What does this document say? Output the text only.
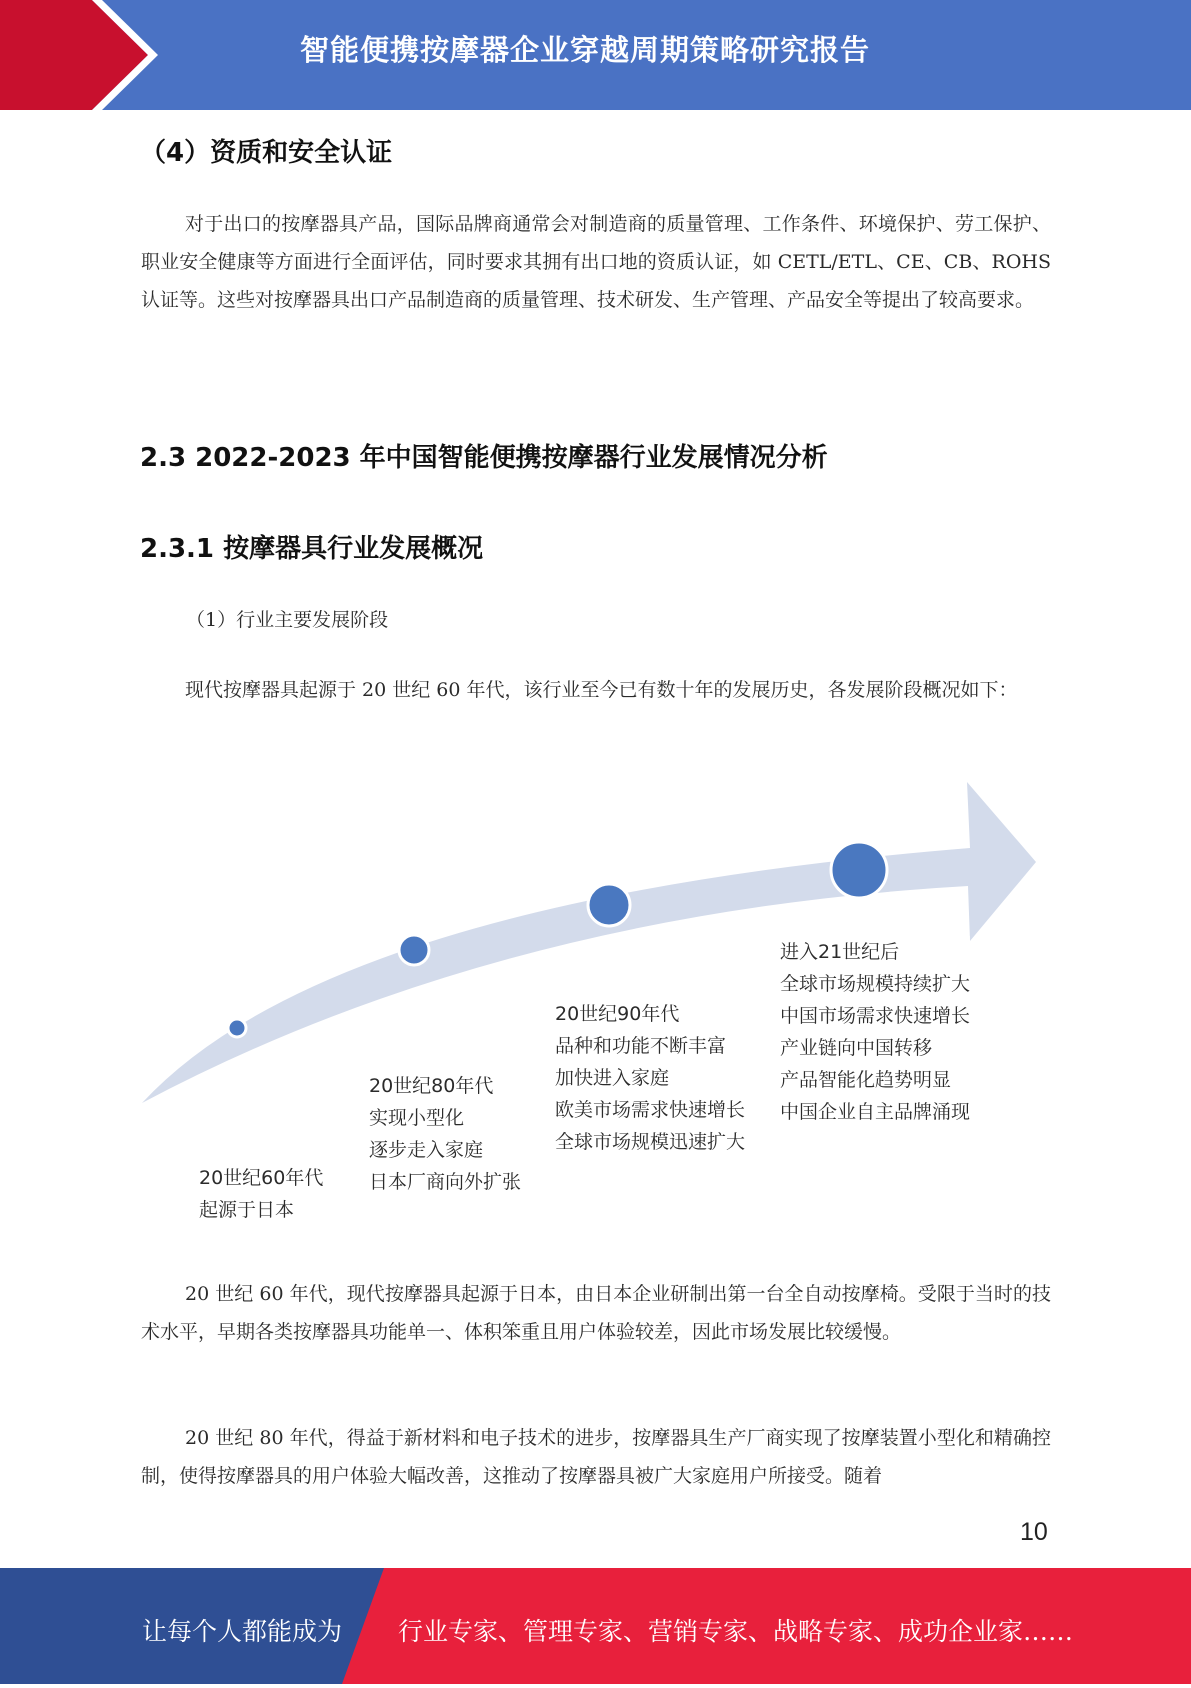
智能便携按摩器企业穿越周期策略研究报告
（4）资质和安全认证

对于出口的按摩器具产品，国际品牌商通常会对制造商的质量管理、工作条件、环境保护、劳工保护、职业安全健康等方面进行全面评估，同时要求其拥有出口地的资质认证，如 CETL/ETL、CE、CB、ROHS 认证等。这些对按摩器具出口产品制造商的质量管理、技术研发、生产管理、产品安全等提出了较高要求。

2.3 2022-2023 年中国智能便携按摩器行业发展情况分析
2.3.1 按摩器具行业发展概况
（1）行业主要发展阶段

现代按摩器具起源于 20 世纪 60 年代，该行业至今已有数十年的发展历史，各发展阶段概况如下：

20世纪60年代
起源于日本
20世纪80年代
实现小型化
逐步走入家庭
日本厂商向外扩张
20世纪90年代
品种和功能不断丰富
加快进入家庭
欧美市场需求快速增长
全球市场规模迅速扩大
进入21世纪后
全球市场规模持续扩大
中国市场需求快速增长
产业链向中国转移
产品智能化趋势明显
中国企业自主品牌涌现

20 世纪 60 年代，现代按摩器具起源于日本，由日本企业研制出第一台全自动按摩椅。受限于当时的技术水平，早期各类按摩器具功能单一、体积笨重且用户体验较差，因此市场发展比较缓慢。

20 世纪 80 年代，得益于新材料和电子技术的进步，按摩器具生产厂商实现了按摩装置小型化和精确控制，使得按摩器具的用户体验大幅改善，这推动了按摩器具被广大家庭用户所接受。随着

10
让每个人都能成为 行业专家、管理专家、营销专家、战略专家、成功企业家……
